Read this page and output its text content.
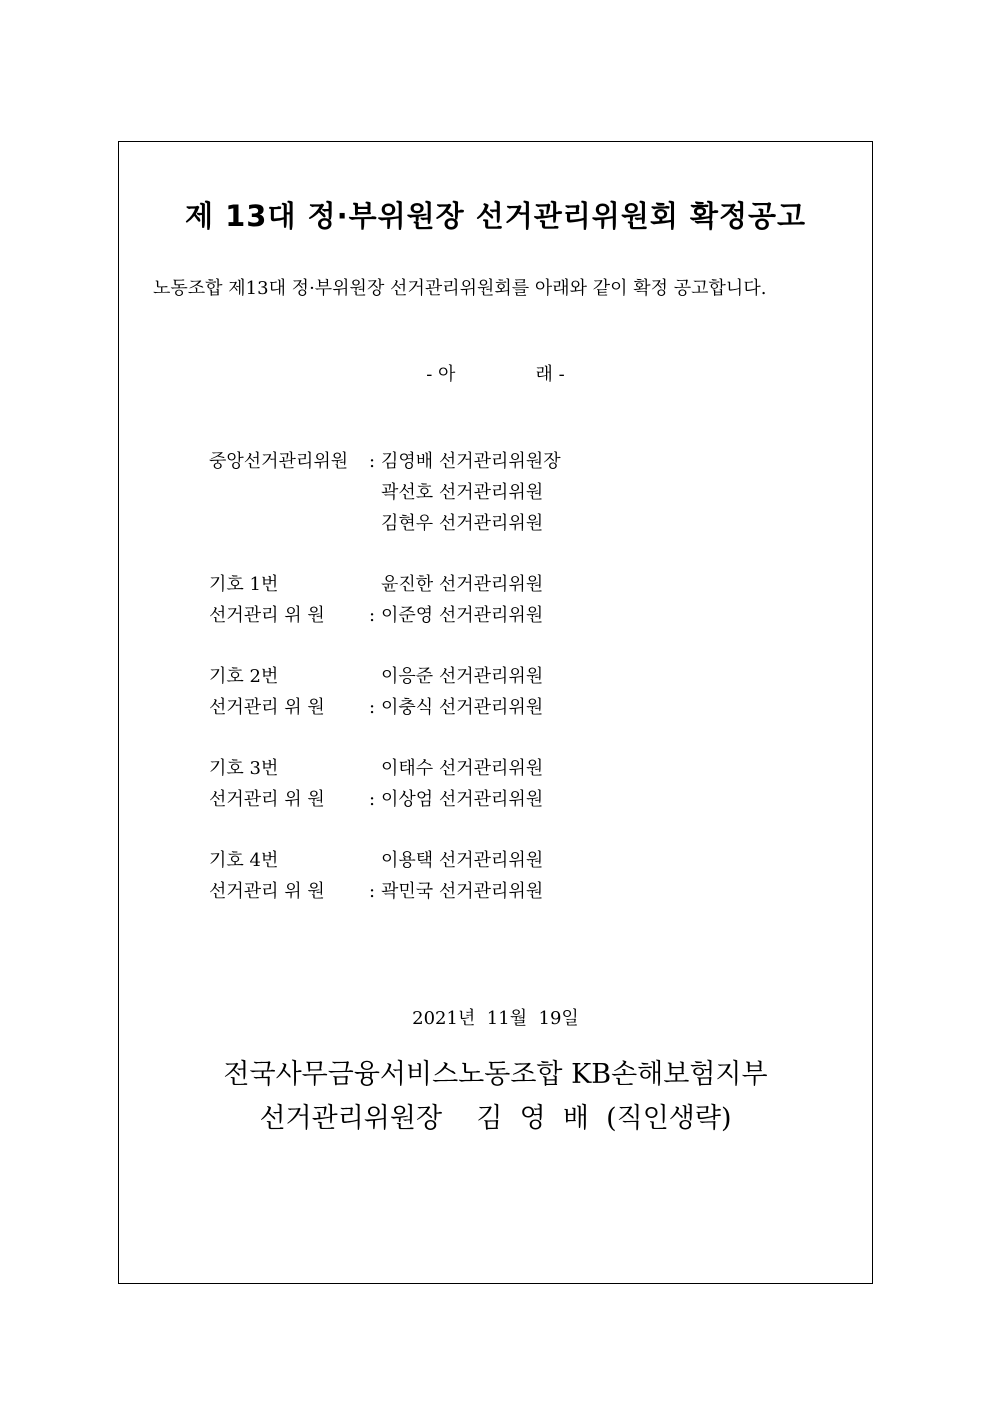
제 13대 정·부위원장 선거관리위원회 확정공고
노동조합 제13대 정·부위원장 선거관리위원회를 아래와 같이 확정 공고합니다.
- 아              래 -
중앙선거관리위원 : 김영배 선거관리위원장
곽선호 선거관리위원
김현우 선거관리위원
기호 1번	윤진한 선거관리위원
선거관리 위 원 : 이준영 선거관리위원
기호 2번	이응준 선거관리위원
선거관리 위 원 : 이충식 선거관리위원
기호 3번	이태수 선거관리위원
선거관리 위 원 : 이상엄 선거관리위원
기호 4번	이용택 선거관리위원
선거관리 위 원 : 곽민국 선거관리위원
2021년  11월  19일
전국사무금융서비스노동조합 KB손해보험지부
선거관리위원장    김  영  배  (직인생략)
